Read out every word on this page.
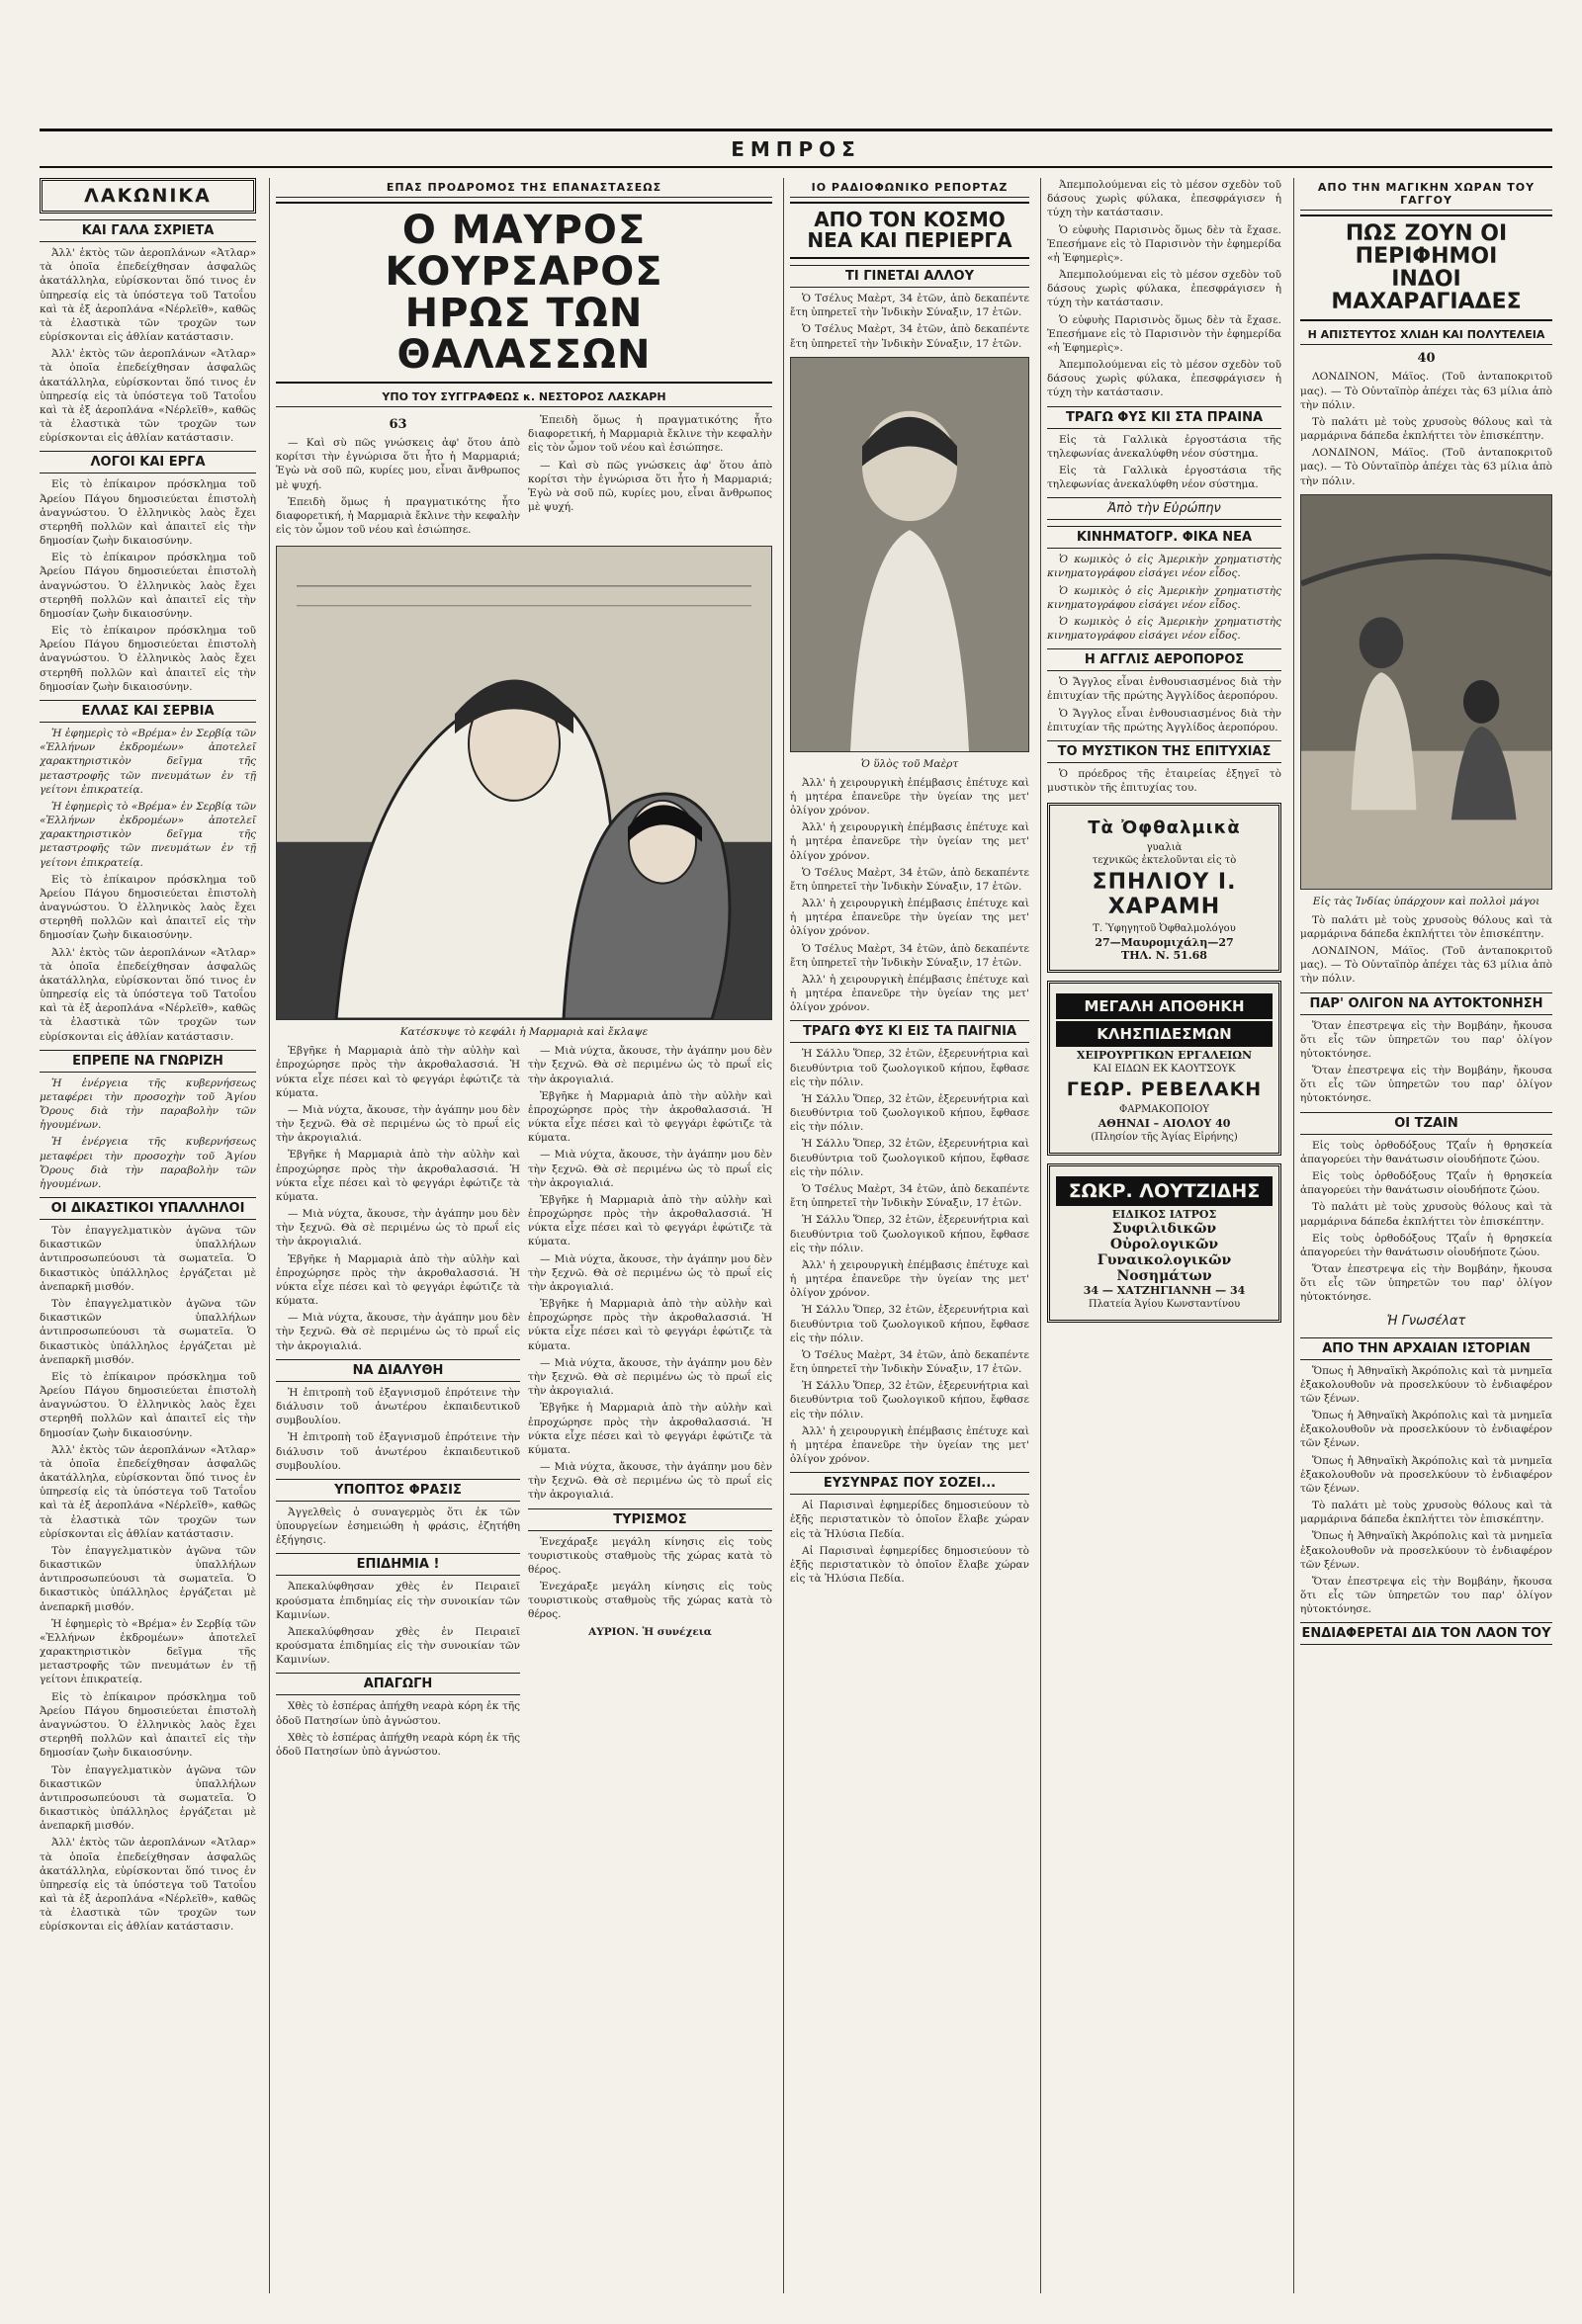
ΕΜΠΡΟΣ
ΛΑΚΩΝΙΚΑ
ΚΑΙ ΓΑΛΑ ΣΧΡΙΕΤΑ

Ἀλλ' ἐκτὸς τῶν ἀεροπλάνων «Ἀτλαρ» τὰ ὁποῖα ἐπεδείχθησαν ἀσφαλῶς ἀκατάλληλα, εὑρίσκονται ὅπό τινος ἐν ὑπηρεσίᾳ εἰς τὰ ὑπόστεγα τοῦ Τατοΐου καὶ τὰ ἐξ ἀεροπλάνα «Νέρλεϊθ», καθῶς τὰ ἐλαστικὰ τῶν τροχῶν των εὑρίσκονται εἰς ἀθλίαν κατάστασιν.

Ἀλλ' ἐκτὸς τῶν ἀεροπλάνων «Ἀτλαρ» τὰ ὁποῖα ἐπεδείχθησαν ἀσφαλῶς ἀκατάλληλα, εὑρίσκονται ὅπό τινος ἐν ὑπηρεσίᾳ εἰς τὰ ὑπόστεγα τοῦ Τατοΐου καὶ τὰ ἐξ ἀεροπλάνα «Νέρλεϊθ», καθῶς τὰ ἐλαστικὰ τῶν τροχῶν των εὑρίσκονται εἰς ἀθλίαν κατάστασιν.

ΛΟΓΟΙ ΚΑΙ ΕΡΓΑ

Εἰς τὸ ἐπίκαιρον πρόσκλημα τοῦ Ἀρείου Πάγου δημοσιεύεται ἐπιστολὴ ἀναγνώστου. Ὁ ἑλληνικὸς λαὸς ἔχει στερηθῆ πολλῶν καὶ ἀπαιτεῖ εἰς τὴν δημοσίαν ζωὴν δικαιοσύνην.

Εἰς τὸ ἐπίκαιρον πρόσκλημα τοῦ Ἀρείου Πάγου δημοσιεύεται ἐπιστολὴ ἀναγνώστου. Ὁ ἑλληνικὸς λαὸς ἔχει στερηθῆ πολλῶν καὶ ἀπαιτεῖ εἰς τὴν δημοσίαν ζωὴν δικαιοσύνην.

Εἰς τὸ ἐπίκαιρον πρόσκλημα τοῦ Ἀρείου Πάγου δημοσιεύεται ἐπιστολὴ ἀναγνώστου. Ὁ ἑλληνικὸς λαὸς ἔχει στερηθῆ πολλῶν καὶ ἀπαιτεῖ εἰς τὴν δημοσίαν ζωὴν δικαιοσύνην.

ΕΛΛΑΣ ΚΑΙ ΣΕΡΒΙΑ

Ἡ ἐφημερὶς τὸ «Βρέμα» ἐν Σερβίᾳ τῶν «Ἑλλήνων ἐκδρομέων» ἀποτελεῖ χαρακτηριστικὸν δεῖγμα τῆς μεταστροφῆς τῶν πνευμάτων ἐν τῇ γείτονι ἐπικρατείᾳ.

Ἡ ἐφημερὶς τὸ «Βρέμα» ἐν Σερβίᾳ τῶν «Ἑλλήνων ἐκδρομέων» ἀποτελεῖ χαρακτηριστικὸν δεῖγμα τῆς μεταστροφῆς τῶν πνευμάτων ἐν τῇ γείτονι ἐπικρατείᾳ.

Εἰς τὸ ἐπίκαιρον πρόσκλημα τοῦ Ἀρείου Πάγου δημοσιεύεται ἐπιστολὴ ἀναγνώστου. Ὁ ἑλληνικὸς λαὸς ἔχει στερηθῆ πολλῶν καὶ ἀπαιτεῖ εἰς τὴν δημοσίαν ζωὴν δικαιοσύνην.

Ἀλλ' ἐκτὸς τῶν ἀεροπλάνων «Ἀτλαρ» τὰ ὁποῖα ἐπεδείχθησαν ἀσφαλῶς ἀκατάλληλα, εὑρίσκονται ὅπό τινος ἐν ὑπηρεσίᾳ εἰς τὰ ὑπόστεγα τοῦ Τατοΐου καὶ τὰ ἐξ ἀεροπλάνα «Νέρλεϊθ», καθῶς τὰ ἐλαστικὰ τῶν τροχῶν των εὑρίσκονται εἰς ἀθλίαν κατάστασιν.

ΕΠΡΕΠΕ ΝΑ ΓΝΩΡΙΖΗ

Ἡ ἐνέργεια τῆς κυβερνήσεως μεταφέρει τὴν προσοχὴν τοῦ Ἁγίου Ὄρους διὰ τὴν παραβολὴν τῶν ἡγουμένων.

Ἡ ἐνέργεια τῆς κυβερνήσεως μεταφέρει τὴν προσοχὴν τοῦ Ἁγίου Ὄρους διὰ τὴν παραβολὴν τῶν ἡγουμένων.

ΟΙ ΔΙΚΑΣΤΙΚΟΙ ΥΠΑΛΛΗΛΟΙ

Τὸν ἐπαγγελματικὸν ἀγῶνα τῶν δικαστικῶν ὑπαλλήλων ἀντιπροσωπεύουσι τὰ σωματεῖα. Ὁ δικαστικὸς ὑπάλληλος ἐργάζεται μὲ ἀνεπαρκῆ μισθόν.

Τὸν ἐπαγγελματικὸν ἀγῶνα τῶν δικαστικῶν ὑπαλλήλων ἀντιπροσωπεύουσι τὰ σωματεῖα. Ὁ δικαστικὸς ὑπάλληλος ἐργάζεται μὲ ἀνεπαρκῆ μισθόν.

Εἰς τὸ ἐπίκαιρον πρόσκλημα τοῦ Ἀρείου Πάγου δημοσιεύεται ἐπιστολὴ ἀναγνώστου. Ὁ ἑλληνικὸς λαὸς ἔχει στερηθῆ πολλῶν καὶ ἀπαιτεῖ εἰς τὴν δημοσίαν ζωὴν δικαιοσύνην.

Ἀλλ' ἐκτὸς τῶν ἀεροπλάνων «Ἀτλαρ» τὰ ὁποῖα ἐπεδείχθησαν ἀσφαλῶς ἀκατάλληλα, εὑρίσκονται ὅπό τινος ἐν ὑπηρεσίᾳ εἰς τὰ ὑπόστεγα τοῦ Τατοΐου καὶ τὰ ἐξ ἀεροπλάνα «Νέρλεϊθ», καθῶς τὰ ἐλαστικὰ τῶν τροχῶν των εὑρίσκονται εἰς ἀθλίαν κατάστασιν.

Τὸν ἐπαγγελματικὸν ἀγῶνα τῶν δικαστικῶν ὑπαλλήλων ἀντιπροσωπεύουσι τὰ σωματεῖα. Ὁ δικαστικὸς ὑπάλληλος ἐργάζεται μὲ ἀνεπαρκῆ μισθόν.

Ἡ ἐφημερὶς τὸ «Βρέμα» ἐν Σερβίᾳ τῶν «Ἑλλήνων ἐκδρομέων» ἀποτελεῖ χαρακτηριστικὸν δεῖγμα τῆς μεταστροφῆς τῶν πνευμάτων ἐν τῇ γείτονι ἐπικρατείᾳ.

Εἰς τὸ ἐπίκαιρον πρόσκλημα τοῦ Ἀρείου Πάγου δημοσιεύεται ἐπιστολὴ ἀναγνώστου. Ὁ ἑλληνικὸς λαὸς ἔχει στερηθῆ πολλῶν καὶ ἀπαιτεῖ εἰς τὴν δημοσίαν ζωὴν δικαιοσύνην.

Τὸν ἐπαγγελματικὸν ἀγῶνα τῶν δικαστικῶν ὑπαλλήλων ἀντιπροσωπεύουσι τὰ σωματεῖα. Ὁ δικαστικὸς ὑπάλληλος ἐργάζεται μὲ ἀνεπαρκῆ μισθόν.

Ἀλλ' ἐκτὸς τῶν ἀεροπλάνων «Ἀτλαρ» τὰ ὁποῖα ἐπεδείχθησαν ἀσφαλῶς ἀκατάλληλα, εὑρίσκονται ὅπό τινος ἐν ὑπηρεσίᾳ εἰς τὰ ὑπόστεγα τοῦ Τατοΐου καὶ τὰ ἐξ ἀεροπλάνα «Νέρλεϊθ», καθῶς τὰ ἐλαστικὰ τῶν τροχῶν των εὑρίσκονται εἰς ἀθλίαν κατάστασιν.

ΕΠΑΣ ΠΡΟΔΡΟΜΟΣ ΤΗΣ ΕΠΑΝΑΣΤΑΣΕΩΣ
Ο ΜΑΥΡΟΣ ΚΟΥΡΣΑΡΟΣ
ΗΡΩΣ ΤΩΝ ΘΑΛΑΣΣΩΝ
ΥΠΟ ΤΟΥ ΣΥΓΓΡΑΦΕΩΣ κ. ΝΕΣΤΟΡΟΣ ΛΑΣΚΑΡΗ
63

— Καὶ σὺ πῶς γνώσκεις ἀφ' ὅτου ἀπὸ κορίτσι τὴν ἐγνώρισα ὅτι ἦτο ἡ Μαρμαριά; Ἐγὼ νὰ σοῦ πῶ, κυρίες μου, εἶναι ἄνθρωπος μὲ ψυχή.

Ἐπειδὴ ὅμως ἡ πραγματικότης ἦτο διαφορετική, ἡ Μαρμαριὰ ἔκλινε τὴν κεφαλὴν εἰς τὸν ὦμον τοῦ νέου καὶ ἐσιώπησε.

Ἐπειδὴ ὅμως ἡ πραγματικότης ἦτο διαφορετική, ἡ Μαρμαριὰ ἔκλινε τὴν κεφαλὴν εἰς τὸν ὦμον τοῦ νέου καὶ ἐσιώπησε.

— Καὶ σὺ πῶς γνώσκεις ἀφ' ὅτου ἀπὸ κορίτσι τὴν ἐγνώρισα ὅτι ἦτο ἡ Μαρμαριά; Ἐγὼ νὰ σοῦ πῶ, κυρίες μου, εἶναι ἄνθρωπος μὲ ψυχή.

Κατέσκυψε τὸ κεφάλι ἡ Μαρμαριὰ καὶ ἔκλαψε

Ἐβγῆκε ἡ Μαρμαριὰ ἀπὸ τὴν αὐλὴν καὶ ἐπροχώρησε πρὸς τὴν ἀκροθαλασσιά. Ἡ νύκτα εἶχε πέσει καὶ τὸ φεγγάρι ἐφώτιζε τὰ κύματα.

— Μιὰ νύχτα, ἄκουσε, τὴν ἀγάπην μου δὲν τὴν ξεχνῶ. Θὰ σὲ περιμένω ὡς τὸ πρωΐ εἰς τὴν ἀκρογιαλιά.

Ἐβγῆκε ἡ Μαρμαριὰ ἀπὸ τὴν αὐλὴν καὶ ἐπροχώρησε πρὸς τὴν ἀκροθαλασσιά. Ἡ νύκτα εἶχε πέσει καὶ τὸ φεγγάρι ἐφώτιζε τὰ κύματα.

— Μιὰ νύχτα, ἄκουσε, τὴν ἀγάπην μου δὲν τὴν ξεχνῶ. Θὰ σὲ περιμένω ὡς τὸ πρωΐ εἰς τὴν ἀκρογιαλιά.

Ἐβγῆκε ἡ Μαρμαριὰ ἀπὸ τὴν αὐλὴν καὶ ἐπροχώρησε πρὸς τὴν ἀκροθαλασσιά. Ἡ νύκτα εἶχε πέσει καὶ τὸ φεγγάρι ἐφώτιζε τὰ κύματα.

— Μιὰ νύχτα, ἄκουσε, τὴν ἀγάπην μου δὲν τὴν ξεχνῶ. Θὰ σὲ περιμένω ὡς τὸ πρωΐ εἰς τὴν ἀκρογιαλιά.

ΝΑ ΔΙΑΛΥΘΗ

Ἡ ἐπιτροπὴ τοῦ ἐξαγνισμοῦ ἐπρότεινε τὴν διάλυσιν τοῦ ἀνωτέρου ἐκπαιδευτικοῦ συμβουλίου.

Ἡ ἐπιτροπὴ τοῦ ἐξαγνισμοῦ ἐπρότεινε τὴν διάλυσιν τοῦ ἀνωτέρου ἐκπαιδευτικοῦ συμβουλίου.

ΥΠΟΠΤΟΣ ΦΡΑΣΙΣ

Ἀγγελθεὶς ὁ συναγερμὸς ὅτι ἐκ τῶν ὑπουργείων ἐσημειώθη ἡ φράσις, ἐζητήθη ἐξήγησις.

ΕΠΙΔΗΜΙΑ !

Ἀπεκαλύφθησαν χθὲς ἐν Πειραιεῖ κρούσματα ἐπιδημίας εἰς τὴν συνοικίαν τῶν Καμινίων.

Ἀπεκαλύφθησαν χθὲς ἐν Πειραιεῖ κρούσματα ἐπιδημίας εἰς τὴν συνοικίαν τῶν Καμινίων.

ΑΠΑΓΩΓΗ

Χθὲς τὸ ἑσπέρας ἀπήχθη νεαρὰ κόρη ἐκ τῆς ὁδοῦ Πατησίων ὑπὸ ἀγνώστου.

Χθὲς τὸ ἑσπέρας ἀπήχθη νεαρὰ κόρη ἐκ τῆς ὁδοῦ Πατησίων ὑπὸ ἀγνώστου.

— Μιὰ νύχτα, ἄκουσε, τὴν ἀγάπην μου δὲν τὴν ξεχνῶ. Θὰ σὲ περιμένω ὡς τὸ πρωΐ εἰς τὴν ἀκρογιαλιά.

Ἐβγῆκε ἡ Μαρμαριὰ ἀπὸ τὴν αὐλὴν καὶ ἐπροχώρησε πρὸς τὴν ἀκροθαλασσιά. Ἡ νύκτα εἶχε πέσει καὶ τὸ φεγγάρι ἐφώτιζε τὰ κύματα.

— Μιὰ νύχτα, ἄκουσε, τὴν ἀγάπην μου δὲν τὴν ξεχνῶ. Θὰ σὲ περιμένω ὡς τὸ πρωΐ εἰς τὴν ἀκρογιαλιά.

Ἐβγῆκε ἡ Μαρμαριὰ ἀπὸ τὴν αὐλὴν καὶ ἐπροχώρησε πρὸς τὴν ἀκροθαλασσιά. Ἡ νύκτα εἶχε πέσει καὶ τὸ φεγγάρι ἐφώτιζε τὰ κύματα.

— Μιὰ νύχτα, ἄκουσε, τὴν ἀγάπην μου δὲν τὴν ξεχνῶ. Θὰ σὲ περιμένω ὡς τὸ πρωΐ εἰς τὴν ἀκρογιαλιά.

Ἐβγῆκε ἡ Μαρμαριὰ ἀπὸ τὴν αὐλὴν καὶ ἐπροχώρησε πρὸς τὴν ἀκροθαλασσιά. Ἡ νύκτα εἶχε πέσει καὶ τὸ φεγγάρι ἐφώτιζε τὰ κύματα.

— Μιὰ νύχτα, ἄκουσε, τὴν ἀγάπην μου δὲν τὴν ξεχνῶ. Θὰ σὲ περιμένω ὡς τὸ πρωΐ εἰς τὴν ἀκρογιαλιά.

Ἐβγῆκε ἡ Μαρμαριὰ ἀπὸ τὴν αὐλὴν καὶ ἐπροχώρησε πρὸς τὴν ἀκροθαλασσιά. Ἡ νύκτα εἶχε πέσει καὶ τὸ φεγγάρι ἐφώτιζε τὰ κύματα.

— Μιὰ νύχτα, ἄκουσε, τὴν ἀγάπην μου δὲν τὴν ξεχνῶ. Θὰ σὲ περιμένω ὡς τὸ πρωΐ εἰς τὴν ἀκρογιαλιά.

ΤΥΡΙΣΜΟΣ

Ἐνεχάραξε μεγάλη κίνησις εἰς τοὺς τουριστικοὺς σταθμοὺς τῆς χώρας κατὰ τὸ θέρος.

Ἐνεχάραξε μεγάλη κίνησις εἰς τοὺς τουριστικοὺς σταθμοὺς τῆς χώρας κατὰ τὸ θέρος.

ΑΥΡΙΟΝ. Ἡ συνέχεια

ΙΟ ΡΑΔΙΟΦΩΝΙΚΟ ΡΕΠΟΡΤΑΖ
ΑΠΟ ΤΟΝ ΚΟΣΜΟ
ΝΕΑ ΚΑΙ ΠΕΡΙΕΡΓΑ
ΤΙ ΓΙΝΕΤΑΙ ΑΛΛΟΥ

Ὁ Τσέλυς Μαὲρτ, 34 ἐτῶν, ἀπὸ δεκαπέντε ἔτη ὑπηρετεῖ τὴν Ἰνδικὴν Σύναξιν, 17 ἐτῶν.

Ὁ Τσέλυς Μαὲρτ, 34 ἐτῶν, ἀπὸ δεκαπέντε ἔτη ὑπηρετεῖ τὴν Ἰνδικὴν Σύναξιν, 17 ἐτῶν.

Ὁ ὕλὸς τοῦ Μαὲρτ

Ἀλλ' ἡ χειρουργικὴ ἐπέμβασις ἐπέτυχε καὶ ἡ μητέρα ἐπανεῦρε τὴν ὑγείαν της μετ' ὀλίγον χρόνον.

Ἀλλ' ἡ χειρουργικὴ ἐπέμβασις ἐπέτυχε καὶ ἡ μητέρα ἐπανεῦρε τὴν ὑγείαν της μετ' ὀλίγον χρόνον.

Ὁ Τσέλυς Μαὲρτ, 34 ἐτῶν, ἀπὸ δεκαπέντε ἔτη ὑπηρετεῖ τὴν Ἰνδικὴν Σύναξιν, 17 ἐτῶν.

Ἀλλ' ἡ χειρουργικὴ ἐπέμβασις ἐπέτυχε καὶ ἡ μητέρα ἐπανεῦρε τὴν ὑγείαν της μετ' ὀλίγον χρόνον.

Ὁ Τσέλυς Μαὲρτ, 34 ἐτῶν, ἀπὸ δεκαπέντε ἔτη ὑπηρετεῖ τὴν Ἰνδικὴν Σύναξιν, 17 ἐτῶν.

Ἀλλ' ἡ χειρουργικὴ ἐπέμβασις ἐπέτυχε καὶ ἡ μητέρα ἐπανεῦρε τὴν ὑγείαν της μετ' ὀλίγον χρόνον.

ΤΡΑΓΩ ΦΥΣ ΚΙ ΕΙΣ ΤΑ ΠΑΙΓΝΙΑ

Ἡ Σάλλυ Ὅπερ, 32 ἐτῶν, ἐξερευνήτρια καὶ διευθύντρια τοῦ ζωολογικοῦ κήπου, ἔφθασε εἰς τὴν πόλιν.

Ἡ Σάλλυ Ὅπερ, 32 ἐτῶν, ἐξερευνήτρια καὶ διευθύντρια τοῦ ζωολογικοῦ κήπου, ἔφθασε εἰς τὴν πόλιν.

Ἡ Σάλλυ Ὅπερ, 32 ἐτῶν, ἐξερευνήτρια καὶ διευθύντρια τοῦ ζωολογικοῦ κήπου, ἔφθασε εἰς τὴν πόλιν.

Ὁ Τσέλυς Μαὲρτ, 34 ἐτῶν, ἀπὸ δεκαπέντε ἔτη ὑπηρετεῖ τὴν Ἰνδικὴν Σύναξιν, 17 ἐτῶν.

Ἡ Σάλλυ Ὅπερ, 32 ἐτῶν, ἐξερευνήτρια καὶ διευθύντρια τοῦ ζωολογικοῦ κήπου, ἔφθασε εἰς τὴν πόλιν.

Ἀλλ' ἡ χειρουργικὴ ἐπέμβασις ἐπέτυχε καὶ ἡ μητέρα ἐπανεῦρε τὴν ὑγείαν της μετ' ὀλίγον χρόνον.

Ἡ Σάλλυ Ὅπερ, 32 ἐτῶν, ἐξερευνήτρια καὶ διευθύντρια τοῦ ζωολογικοῦ κήπου, ἔφθασε εἰς τὴν πόλιν.

Ὁ Τσέλυς Μαὲρτ, 34 ἐτῶν, ἀπὸ δεκαπέντε ἔτη ὑπηρετεῖ τὴν Ἰνδικὴν Σύναξιν, 17 ἐτῶν.

Ἡ Σάλλυ Ὅπερ, 32 ἐτῶν, ἐξερευνήτρια καὶ διευθύντρια τοῦ ζωολογικοῦ κήπου, ἔφθασε εἰς τὴν πόλιν.

Ἀλλ' ἡ χειρουργικὴ ἐπέμβασις ἐπέτυχε καὶ ἡ μητέρα ἐπανεῦρε τὴν ὑγείαν της μετ' ὀλίγον χρόνον.

ΕΥΣΥΝΡΑΣ ΠΟΥ ΣΟΖΕΙ...

Αἱ Παρισιναὶ ἐφημερίδες δημοσιεύουν τὸ ἑξῆς περιστατικὸν τὸ ὁποῖον ἔλαβε χώραν εἰς τὰ Ἠλύσια Πεδία.

Αἱ Παρισιναὶ ἐφημερίδες δημοσιεύουν τὸ ἑξῆς περιστατικὸν τὸ ὁποῖον ἔλαβε χώραν εἰς τὰ Ἠλύσια Πεδία.

Ἀπεμπολούμεναι εἰς τὸ μέσον σχεδὸν τοῦ δάσους χωρὶς φύλακα, ἐπεσφράγισεν ἡ τύχη τὴν κατάστασιν.

Ὁ εὐφυὴς Παρισινὸς ὅμως δὲν τὰ ἔχασε. Ἐπεσήμανε εἰς τὸ Παρισινὸν τὴν ἐφημερίδα «ἡ Ἐφημερὶς».

Ἀπεμπολούμεναι εἰς τὸ μέσον σχεδὸν τοῦ δάσους χωρὶς φύλακα, ἐπεσφράγισεν ἡ τύχη τὴν κατάστασιν.

Ὁ εὐφυὴς Παρισινὸς ὅμως δὲν τὰ ἔχασε. Ἐπεσήμανε εἰς τὸ Παρισινὸν τὴν ἐφημερίδα «ἡ Ἐφημερὶς».

Ἀπεμπολούμεναι εἰς τὸ μέσον σχεδὸν τοῦ δάσους χωρὶς φύλακα, ἐπεσφράγισεν ἡ τύχη τὴν κατάστασιν.

ΤΡΑΓΩ ΦΥΣ ΚΙΙ ΣΤΑ ΠΡΑΙΝΑ

Εἰς τὰ Γαλλικὰ ἐργοστάσια τῆς τηλεφωνίας ἀνεκαλύφθη νέον σύστημα.

Εἰς τὰ Γαλλικὰ ἐργοστάσια τῆς τηλεφωνίας ἀνεκαλύφθη νέον σύστημα.

Ἀπὸ τὴν Εὐρώπην
ΚΙΝΗΜΑΤΟΓΡ. ΦΙΚΑ ΝΕΑ

Ὁ κωμικὸς ὁ εἰς Ἀμερικὴν χρηματιστὴς κινηματογράφου εἰσάγει νέον εἶδος.

Ὁ κωμικὸς ὁ εἰς Ἀμερικὴν χρηματιστὴς κινηματογράφου εἰσάγει νέον εἶδος.

Ὁ κωμικὸς ὁ εἰς Ἀμερικὴν χρηματιστὴς κινηματογράφου εἰσάγει νέον εἶδος.

Η ΑΓΓΛΙΣ ΑΕΡΟΠΟΡΟΣ

Ὁ Ἄγγλος εἶναι ἐνθουσιασμένος διὰ τὴν ἐπιτυχίαν τῆς πρώτης Ἀγγλίδος ἀεροπόρου.

Ὁ Ἄγγλος εἶναι ἐνθουσιασμένος διὰ τὴν ἐπιτυχίαν τῆς πρώτης Ἀγγλίδος ἀεροπόρου.

ΤΟ ΜΥΣΤΙΚΟΝ ΤΗΣ ΕΠΙΤΥΧΙΑΣ

Ὁ πρόεδρος τῆς ἑταιρείας ἐξηγεῖ τὸ μυστικὸν τῆς ἐπιτυχίας του.

Τὰ Ὀφθαλμικὰ
γυαλιὰ
τεχνικῶς ἐκτελοῦνται εἰς τὸ
ΣΠΗΛΙΟΥ Ι. ΧΑΡΑΜΗ
Τ. Ὑφηγητοῦ Ὀφθαλμολόγου
27—Μαυρομιχάλη—27
ΤΗΛ. Ν. 51.68
ΜΕΓΑΛΗ ΑΠΟΘΗΚΗ
ΚΛΗΣΠΙΔΕΣΜΩΝ
ΧΕΙΡΟΥΡΓΙΚΩΝ ΕΡΓΑΛΕΙΩΝ
ΚΑΙ ΕΙΔΩΝ ΕΚ ΚΑΟΥΤΣΟΥΚ
ΓΕΩΡ. ΡΕΒΕΛΑΚΗ
ΦΑΡΜΑΚΟΠΟΙΟΥ
ΑΘΗΝΑΙ – ΑΙΟΛΟΥ 40
(Πλησίον τῆς Ἁγίας Εἰρήνης)
ΣΩΚΡ. ΛΟΥΤΖΙΔΗΣ
ΕΙΔΙΚΟΣ ΙΑΤΡΟΣ
Συφιλιδικῶν
Οὐρολογικῶν
Γυναικολογικῶν
Νοσημάτων
34 — ΧΑΤΖΗΓΙΑΝΝΗ — 34
Πλατεία Ἁγίου Κωνσταντίνου
ΑΠΟ ΤΗΝ ΜΑΓΙΚΗΝ ΧΩΡΑΝ ΤΟΥ ΓΑΓΓΟΥ
ΠΩΣ ΖΟΥΝ ΟΙ ΠΕΡΙΦΗΜΟΙ
ΙΝΔΟΙ ΜΑΧΑΡΑΓΙΑΔΕΣ
Η ΑΠΙΣΤΕΥΤΟΣ ΧΛΙΔΗ ΚΑΙ ΠΟΛΥΤΕΛΕΙΑ
40

ΛΟΝΔΙΝΟΝ, Μάϊος. (Τοῦ ἀνταποκριτοῦ μας). — Τὸ Οὐνταϊπὸρ ἀπέχει τὰς 63 μίλια ἀπὸ τὴν πόλιν.

Τὸ παλάτι μὲ τοὺς χρυσοὺς θόλους καὶ τὰ μαρμάρινα δάπεδα ἐκπλήττει τὸν ἐπισκέπτην.

ΛΟΝΔΙΝΟΝ, Μάϊος. (Τοῦ ἀνταποκριτοῦ μας). — Τὸ Οὐνταϊπὸρ ἀπέχει τὰς 63 μίλια ἀπὸ τὴν πόλιν.

Εἰς τὰς Ἰνδίας ὑπάρχουν καὶ πολλοὶ μάγοι

Τὸ παλάτι μὲ τοὺς χρυσοὺς θόλους καὶ τὰ μαρμάρινα δάπεδα ἐκπλήττει τὸν ἐπισκέπτην.

ΛΟΝΔΙΝΟΝ, Μάϊος. (Τοῦ ἀνταποκριτοῦ μας). — Τὸ Οὐνταϊπὸρ ἀπέχει τὰς 63 μίλια ἀπὸ τὴν πόλιν.

ΠΑΡ' ΟΛΙΓΟΝ ΝΑ ΑΥΤΟΚΤΟΝΗΣΗ

Ὅταν ἐπεστρεψα εἰς τὴν Βομβάην, ἤκουσα ὅτι εἷς τῶν ὑπηρετῶν του παρ' ὀλίγον ηὐτοκτόνησε.

Ὅταν ἐπεστρεψα εἰς τὴν Βομβάην, ἤκουσα ὅτι εἷς τῶν ὑπηρετῶν του παρ' ὀλίγον ηὐτοκτόνησε.

ΟΙ ΤΖΑΙΝ

Εἰς τοὺς ὀρθοδόξους Τζαΐν ἡ θρησκεία ἀπαγορεύει τὴν θανάτωσιν οἱουδήποτε ζώου.

Εἰς τοὺς ὀρθοδόξους Τζαΐν ἡ θρησκεία ἀπαγορεύει τὴν θανάτωσιν οἱουδήποτε ζώου.

Τὸ παλάτι μὲ τοὺς χρυσοὺς θόλους καὶ τὰ μαρμάρινα δάπεδα ἐκπλήττει τὸν ἐπισκέπτην.

Εἰς τοὺς ὀρθοδόξους Τζαΐν ἡ θρησκεία ἀπαγορεύει τὴν θανάτωσιν οἱουδήποτε ζώου.

Ὅταν ἐπεστρεψα εἰς τὴν Βομβάην, ἤκουσα ὅτι εἷς τῶν ὑπηρετῶν του παρ' ὀλίγον ηὐτοκτόνησε.

Ἡ Γνωσέλατ
ΑΠΟ ΤΗΝ ΑΡΧΑΙΑΝ ΙΣΤΟΡΙΑΝ

Ὅπως ἡ Ἀθηναϊκὴ Ἀκρόπολις καὶ τὰ μνημεῖα ἐξακολουθοῦν νὰ προσελκύουν τὸ ἐνδιαφέρον τῶν ξένων.

Ὅπως ἡ Ἀθηναϊκὴ Ἀκρόπολις καὶ τὰ μνημεῖα ἐξακολουθοῦν νὰ προσελκύουν τὸ ἐνδιαφέρον τῶν ξένων.

Ὅπως ἡ Ἀθηναϊκὴ Ἀκρόπολις καὶ τὰ μνημεῖα ἐξακολουθοῦν νὰ προσελκύουν τὸ ἐνδιαφέρον τῶν ξένων.

Τὸ παλάτι μὲ τοὺς χρυσοὺς θόλους καὶ τὰ μαρμάρινα δάπεδα ἐκπλήττει τὸν ἐπισκέπτην.

Ὅπως ἡ Ἀθηναϊκὴ Ἀκρόπολις καὶ τὰ μνημεῖα ἐξακολουθοῦν νὰ προσελκύουν τὸ ἐνδιαφέρον τῶν ξένων.

Ὅταν ἐπεστρεψα εἰς τὴν Βομβάην, ἤκουσα ὅτι εἷς τῶν ὑπηρετῶν του παρ' ὀλίγον ηὐτοκτόνησε.

ΕΝΔΙΑΦΕΡΕΤΑΙ ΔΙΑ ΤΟΝ ΛΑΟΝ ΤΟΥ
